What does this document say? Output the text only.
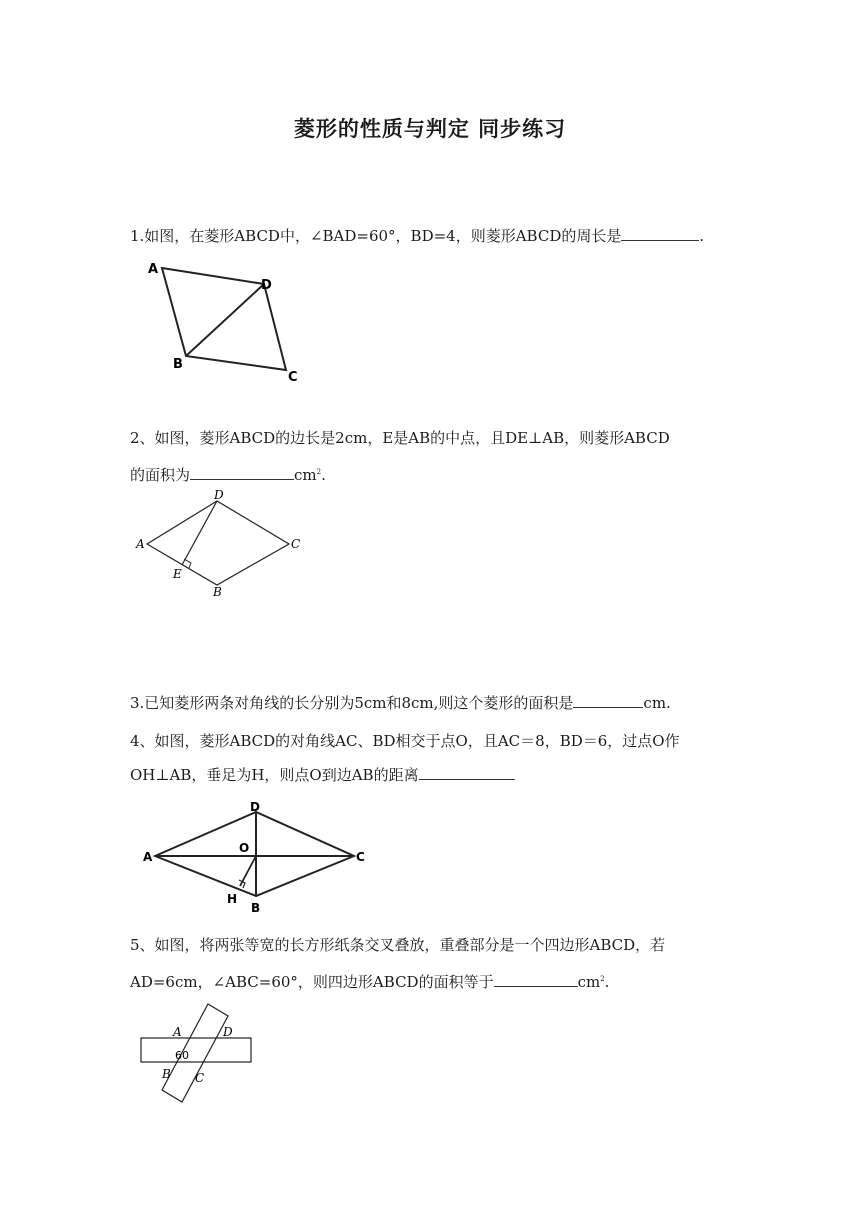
菱形的性质与判定 同步练习
1.如图，在菱形ABCD中，∠BAD=60°，BD=4，则菱形ABCD的周长是	.
A
D
B
C
2、如图，菱形ABCD的边长是2cm，E是AB的中点，且DE⊥AB，则菱形ABCD
的面积为	$cm^2$.
D
A	C
E
B
3.已知菱形两条对角线的长分别为5cm和8cm,则这个菱形的面积是	cm.
4、如图，菱形ABCD的对角线AC、BD相交于点O，且AC＝8，BD＝6，过点O作
OH⊥AB，垂足为H，则点O到边AB的距离
D
A
O
C
H
B
5、如图，将两张等宽的长方形纸条交叉叠放，重叠部分是一个四边形ABCD，若
AD=6cm，∠ABC=60°，则四边形ABCD的面积等于	$cm^2$.
A	D
60
B C
